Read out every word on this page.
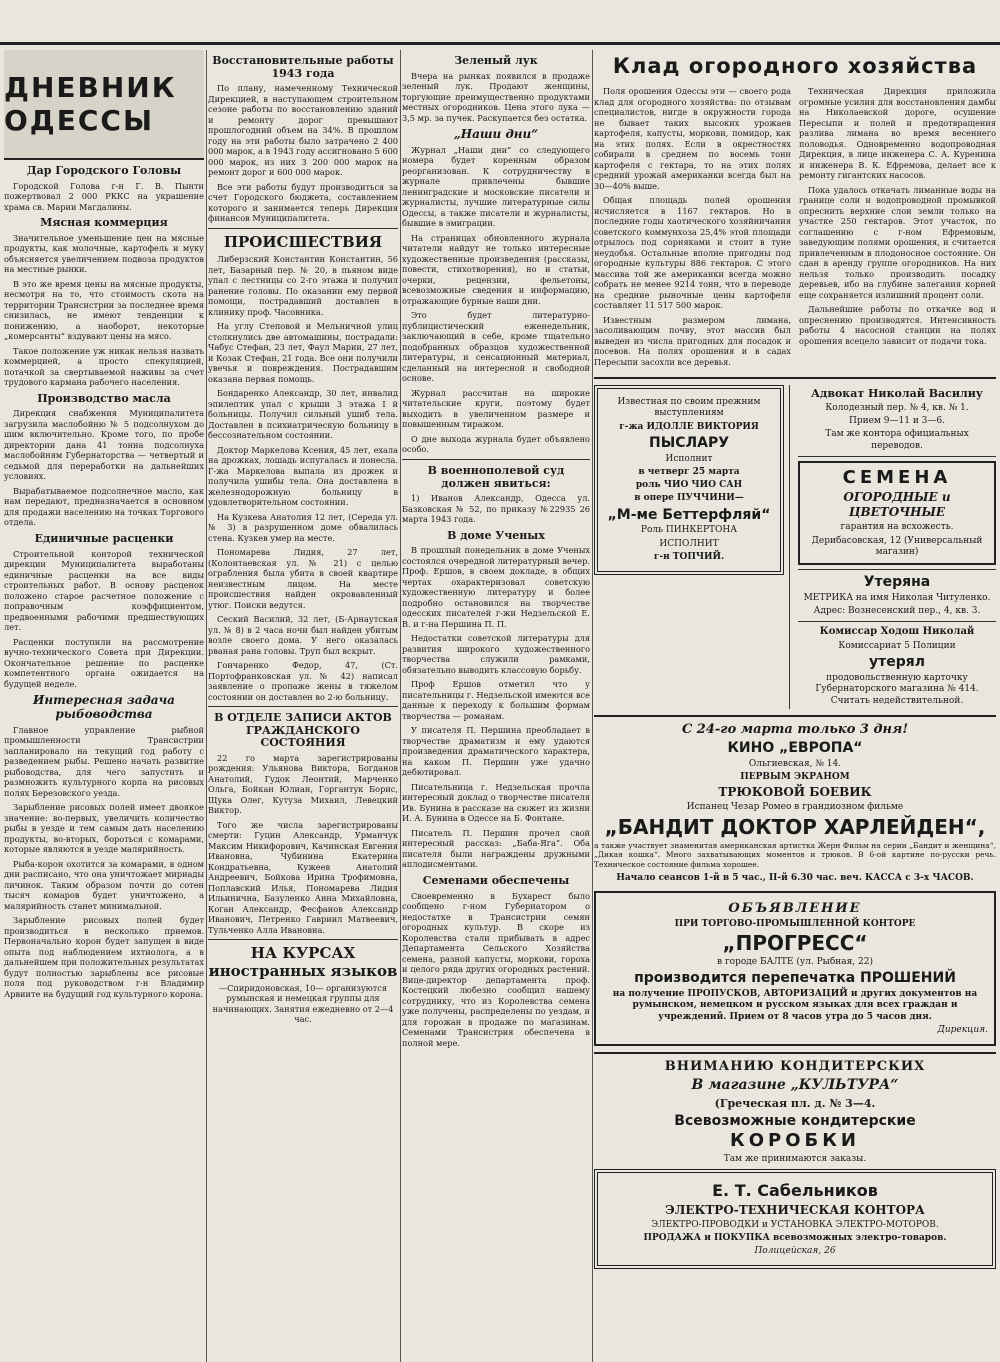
ДНЕВНИК ОДЕССЫ
Дар Городского Головы

Городской Голова г-н Г. В. Пынти пожертвовал 2 000 РККС на украшение храма св. Марии Магдалины.

Мясная коммерция

Значительное уменьшение цен на мясные продукты, как молочные, картофель и муку объясняется увеличением подвоза продуктов на местные рынки.

В это же время цены на мясные продукты, несмотря на то, что стоимость скота на территории Трансистрии за последнее время снизилась, не имеют тенденции к понижению, а наоборот, некоторые „комерсанты“ вздувают цены на мясо.

Такое положение уж никак нельзя назвать коммерцией, а просто спекуляцией, потачкой за свертываемой наживы за счет трудового кармана рабочего населения.

Производство масла

Дирекция снабжения Муниципалитета загрузила маслобойню № 5 подсолнухом до шим включительно. Кроме того, по пробе директории дана 41 тонна подсолнуха маслобойням Губернаторства — четвертый и седьмой для переработки на дальнейших условиях.

Вырабатываемое подсолнечное масло, как нам передают, предназначается в основном для продажи населению на точках Торгового отдела.

Единичные расценки

Строительной конторой технической дирекции Муниципалитета выработаны единичные расценки на все виды строительных работ. В основу расценок положено старое расчетное положение с поправочным коэффициентом, предвоенными рабочими предшествующих лет.

Расценки поступили на рассмотрение вучно-технического Совета при Дирекции. Окончательное решение по расценке компетентного органа ожидается на будущей неделе.

Интересная задача рыбоводства

Главное управление рыбной промышленности Трансистрии запланировало на текущий год работу с разведением рыбы. Решено начать развитие рыбоводства, для чего запустить и размножить культурного корпа на рисовых полях Березовского уезда.

Зарыбление рисовых полей имеет двоякое значение: во-первых, увеличить количество рыбы в уезде и тем самым дать населению продукты, во-вторых, бороться с комарами, которые являются в уезде малярийность.

Рыба-корон охотится за комарами, в одном дни расписано, что она уничтожает мириады личинок. Таким образом почти до сотен тысяч комаров будет уничтожено, а малярийность станет минимальной.

Зарыбление рисовых полей будет производиться в несколько приемов. Первоначально корон будет запущен в виде опыта под наблюдением ихтиолога, а в дальнейшем при положительных результатах будут полностью зарыблены все рисовые поля под руководством г-н Владимир Арвиите на будущий год культурного корона.

Восстановительные работы 1943 года

По плану, намеченному Технической Дирекцией, в наступающем строительном сезоне работы по восстановлению зданий и ремонту дорог превышают прошлогодний объем на 34%. В прошлом году на эти работы было затрачено 2 400 000 марок, а в 1943 году ассигновано 5 600 000 марок, из них 3 200 000 марок на ремонт дорог и 600 000 марок.

Все эти работы будут производиться за счет Городского бюджета, составлением которого и занимается теперь Дирекция финансов Муниципалитета.

ПРОИСШЕСТВИЯ

Либерзский Константин Константин, 56 лет, Базарный пер. № 20, в пьяном виде упал с лестницы со 2-го этажа и получил ранение головы. По оказании ему первой помощи, пострадавший доставлен в клинику проф. Часовника.

На углу Степовой и Мельничной улиц столкнулись две автомашины, пострадали: Чабус Стефан, 23 лет, Фаул Марии, 27 лет, и Козак Стефан, 21 года. Все они получили увечья и повреждения. Пострадавшим оказана первая помощь.

Бондаренко Александр, 30 лет, инвалид эпилептик упал с крыши 3 этажа I й больницы. Получил сильный ушиб тела. Доставлен в психиатрическую больницу в бессознательном состоянии.

Доктор Маркелова Ксения, 45 лет, ехала на дрожках, лошадь испугалась и понесла. Г-жа Маркелова выпала из дрожек и получила ушибы тела. Она доставлена в железнодорожную больницу в удовлетворительном состоянии.

На Кузкева Анатолия 12 лет, (Середа ул. № 3) в разрушенном доме обвалилась стена. Кузкев умер на месте.

Пономарева Лидия, 27 лет, (Колонтаевская ул. № 21) с целью ограбления была убита в своей квартире неизвестным лицом. На месте происшествия найден окровавленный утюг. Поиски ведутся.

Сеский Василий, 32 лет, (Б-Арнаутская ул. № 8) в 2 часа ночи был найден убитым возле своего дома. У него оказалась рваная рана головы. Труп был вскрыт.

Гончаренко Федор, 47, (Ст. Портофранковская ул. № 42) написал заявление о пропаже жены в тяжелом состоянии он доставлен во 2-ю больницу.

В ОТДЕЛЕ ЗАПИСИ АКТОВ ГРАЖДАНСКОГО СОСТОЯНИЯ

22 го марта зарегистрированы рождения: Ульянова Виктора, Богданов Анатолий, Гудок Леонтий, Марченко Ольга, Бойкан Юлиан, Горгантук Борис, Щука Олег, Кутуза Михаил, Левецкий Виктор.

Того же числа зарегистрированы смерти: Гуцин Александр, Урманчук Максим Никифорович, Качинская Евгения Ивановна, Чубинина Екатерина Кондратьевна, Кужеев Анатолий Андреевич, Бойкова Ирина Трофимовна, Поплавский Илья, Пономарева Лидия Ильинична, Базуленко Анна Михайловна, Коган Александр, Фесфанов Александр Иванович, Петренко Гавриил Матвеевич, Тульченко Алла Ивановна.

НА КУРСАХ иностранных языков

—Спиридоновская, 10— организуются румынская и немецкая группы для начинающих. Занятия ежедневно от 2—4 час.

Зеленый лук

Вчера на рынках появился в продаже зеленый лук. Продают женщины, торгующие преимущественно продуктами местных огородников. Цена этого лука — 3,5 мр. за пучек. Раскупается без остатка.

„Наши дни“

Журнал „Наши дни“ со следующего номера будет коренным образом реорганизован. К сотрудничеству в журнале привлечены бывшие ленинградские и московские писатели и журналисты, лучшие литературные силы Одессы, а также писатели и журналисты, бывшие в эмиграции.

На страницах обновленного журнала читатели найдут не только интересные художественные произведения (рассказы, повести, стихотворения), но и статьи, очерки, рецензии, фельетоны, всевозможные сведения и информацию, отражающие бурные наши дни.

Это будет литературно-публицистический еженедельник, заключающий в себе, кроме тщательно подобранных образцов художественной литературы, и сенсационный материал, сделанный на интересной и свободной основе.

Журнал рассчитан на широкие читательские круги, поэтому будет выходить в увеличенном размере и повышенным тиражом.

О дне выхода журнала будет объявлено особо.

В военнополевой суд должен явиться:

1) Иванов Александр, Одесса ул. Базковская № 52, по приказу №22935 26 марта 1943 года.

В доме Ученых

В прошлый понедельник в доме Ученых состоялся очередной литературный вечер. Проф. Ершов, в своем докладе, в общих чертах охарактеризовал советскую художественную литературу и более подробно остановился на творчестве одесских писателей г-жи Недзельской Е. В. и г-на Першина П. П.

Недостатки советской литературы для развития широкого художественного творчества служили рамками, обязательно выводить классовую борьбу.

Проф Ершов отметил что у писательницы г. Недзельской имеются все данные к переходу к большим формам творчества — романам.

У писателя П. Першина преобладает в творчестве драматизм и ему удаются произведения драматического характера, на каком П. Першин уже удачно дебютировал.

Писательница г. Недзельская прочла интересный доклад о творчестве писателя Ив. Бунина в рассказе на сюжет из жизни И. А. Бунина в Одессе на Б. Фонтане.

Писатель П. Першин прочел свой интересный рассказ: „Баба-Яга“. Оба писателя были награждены дружными аплодисментами.

Семенами обеспечены

Своевременно в Бухарест было сообщено г-ном Губернатором о недостатке в Трансистрии семян огородных культур. В скоре из Королевства стали прибывать в адрес Департамента Сельского Хозяйства семена, разной капусты, моркови, гороха и целого ряда других огородных растений. Вице-директор департамента проф. Костецкий любезно сообщил нашему сотруднику, что из Королевства семена уже получены, распределены по уездам, и для горожан в продаже по магазинам. Семенами Трансистрия обеспечена в полной мере.

Клад огородного хозяйства

Поля орошения Одессы эти — своего рода клад для огородного хозяйства: по отзывам специалистов, нигде в окружности города не бывает таких высоких урожаев картофеля, капусты, моркови, помидор, как на этих полях. Если в окрестностях собирали в среднем по восемь тонн картофеля с гектара, то на этих полях средний урожай американки всегда был на 30—40% выше.

Общая площадь полей орошения исчисляется в 1167 гектаров. Но в последние годы хаотического хозяйничания советского коммунхоза 25,4% этой площади отрылось под сорняками и стоит в туне неудобья. Остальные вполне пригодны под огородные культуры 886 гектаров. С этого массива той же американки всегда можно собрать не менее 9214 тонн, что в переводе на средние рыночные цены картофеля составляет 11 517 500 марок.

Известным размером лимана, засоливающим почву, этот массив был выведен из числа пригодных для посадок и посевов. На полях орошения и в садах Пересыпи засохли все деревья.

Техническая Дирекция приложила огромные усилия для восстановления дамбы на Николаевской дороге, осушение Пересыпи и полей и предотвращения разлива лимана во время весеннего половодья. Одновременно водопроводная Дирекция, в лице инженера С. А. Куренина и инженера В. К. Ефремова, делает все к ремонту гигантских насосов.

Пока удалось откачать лиманные воды на границе соли и водопроводной промывкой опреснить верхние слои земли только на участке 250 гектаров. Этот участок, по соглашению с г-ном Ефремовым, заведующим полями орошения, и считается привлеченным в плодоносное состояние. Он сдан в аренду группе огородников. На них нельзя только производить посадку деревьев, ибо на глубине залегания корней еще сохраняется излишний процент соли.

Дальнейшие работы по откачке вод и опреснению производятся. Интенсивность работы 4 насосной станции на полях орошения всецело зависит от подачи тока.

Известная по своим прежним выступлениям

г-жа ИДОЛЛЕ ВИКТОРИЯ

ПЫСЛАРУ

Исполнит

в четверг 25 марта

роль ЧИО ЧИО САН

в опере ПУЧЧИНИ—

„М-ме Беттерфляй“

Роль ПИНКЕРТОНА

ИСПОЛНИТ

г-н ТОПЧИЙ.

Адвокат Николай Василиу

Колодезный пер. № 4, кв. № 1.

Прием 9—11 и 3—6.

Там же контора официальных переводов.

СЕМЕНА

ОГОРОДНЫЕ и ЦВЕТОЧНЫЕ

гарантия на всхожесть.

Дерибасовская, 12 (Универсальный магазин)

Утеряна

МЕТРИКА на имя Николая Читуленко.

Адрес: Вознесенский пер., 4, кв. 3.

Комиссар Ходош Николай

Комиссариат 5 Полиции

утерял

продовольственную карточку Губернаторского магазина № 414. Считать недействительной.

С 24-го марта только 3 дня!

КИНО „ЕВРОПА“

Ольгиевская, № 14.

ПЕРВЫМ ЭКРАНОМ

ТРЮКОВОЙ БОЕВИК

Испанец Чезар Ромео в грандиозном фильме

„БАНДИТ ДОКТОР ХАРЛЕЙДЕН“,

а также участвует знаменитая американская артистка Жерн Фильм на серии „Бандит и женщина“, „Дикая кошка“. Много захватывающих моментов и трюков. В 6-ой картине по-русски речь. Техническое состояние фильма хорошее.

Начало сеансов 1-й в 5 час., II-й 6.30 час. веч. КАССА с 3-х ЧАСОВ.

ОБЪЯВЛЕНИЕ

ПРИ ТОРГОВО-ПРОМЫШЛЕННОЙ КОНТОРЕ

„ПРОГРЕСС“

в городе БАЛТЕ (ул. Рыбная, 22)

производится перепечатка ПРОШЕНИЙ

на получение ПРОПУСКОВ, АВТОРИЗАЦИЙ и других документов на румынском, немецком и русском языках для всех граждан и учреждений. Прием от 8 часов утра до 5 часов дня.

Дирекция.

ВНИМАНИЮ КОНДИТЕРСКИХ

В магазине „КУЛЬТУРА“

(Греческая пл. д. № 3—4.

Всевозможные кондитерские

КОРОБКИ

Там же принимаются заказы.

Е. Т. Сабельников

ЭЛЕКТРО-ТЕХНИЧЕСКАЯ КОНТОРА

ЭЛЕКТРО-ПРОВОДКИ и УСТАНОВКА ЭЛЕКТРО-МОТОРОВ.

ПРОДАЖА и ПОКУПКА всевозможных электро-товаров.

Полицейская, 26
